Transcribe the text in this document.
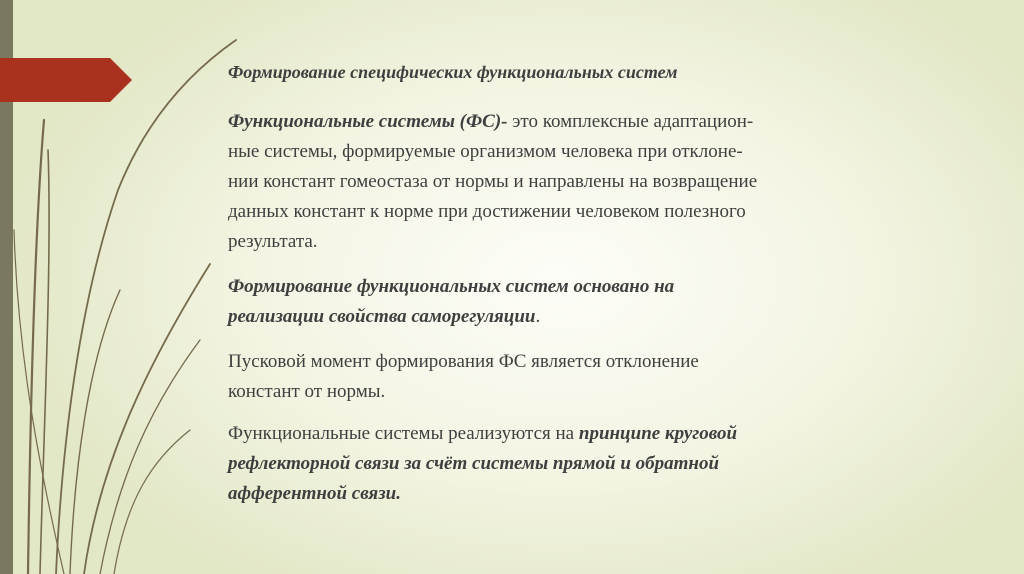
Формирование специфических функциональных систем
Функциональные системы (ФС)- это комплексные адаптацион-
ные системы, формируемые организмом человека при отклоне-
нии констант гомеостаза от нормы и направлены на возвращение
данных констант к норме при достижении человеком полезного
результата.
Формирование функциональных систем основано на
реализации свойства саморегуляции.
Пусковой момент формирования ФС является отклонение
констант от нормы.
Функциональные системы реализуются на принципе круговой
рефлекторной связи за счёт системы прямой и обратной
афферентной связи.
